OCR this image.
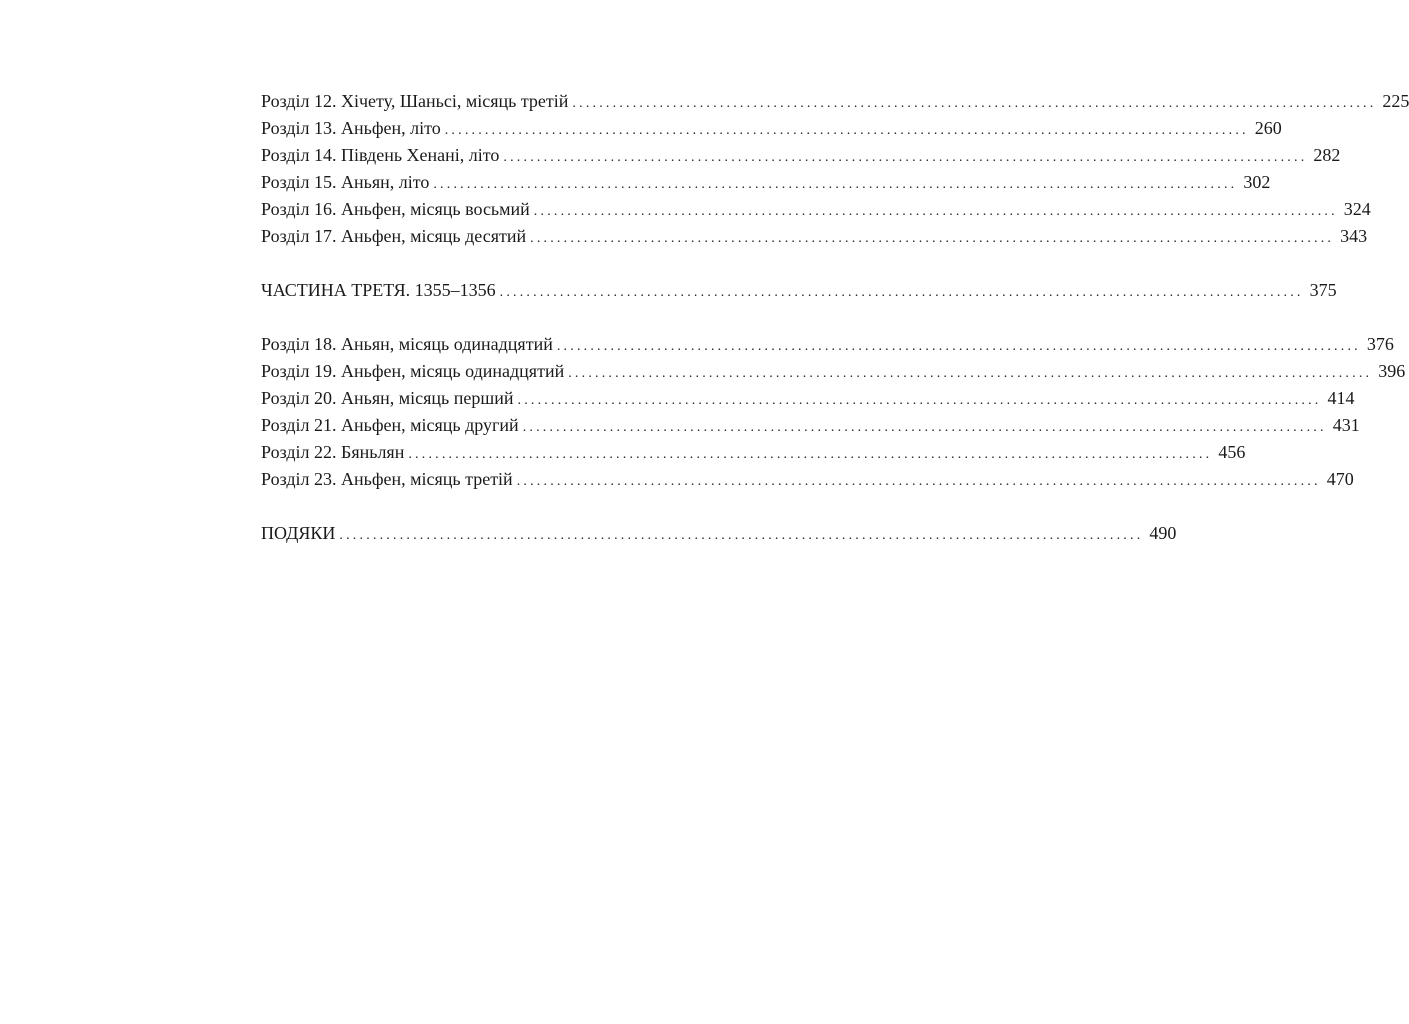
Розділ 12. Хічету, Шаньсі, місяць третій ........................................................................................................................ 225
Розділ 13. Аньфен, літо ........................................................................................................................ 260
Розділ 14. Південь Хенані, літо ........................................................................................................................ 282
Розділ 15. Аньян, літо ........................................................................................................................ 302
Розділ 16. Аньфен, місяць восьмий ........................................................................................................................ 324
Розділ 17. Аньфен, місяць десятий ........................................................................................................................ 343
ЧАСТИНА ТРЕТЯ. 1355–1356 ........................................................................................................................ 375
Розділ 18. Аньян, місяць одинадцятий ........................................................................................................................ 376
Розділ 19. Аньфен, місяць одинадцятий ........................................................................................................................ 396
Розділ 20. Аньян, місяць перший ........................................................................................................................ 414
Розділ 21. Аньфен, місяць другий ........................................................................................................................ 431
Розділ 22. Бяньлян ........................................................................................................................ 456
Розділ 23. Аньфен, місяць третій ........................................................................................................................ 470
ПОДЯКИ ........................................................................................................................ 490
